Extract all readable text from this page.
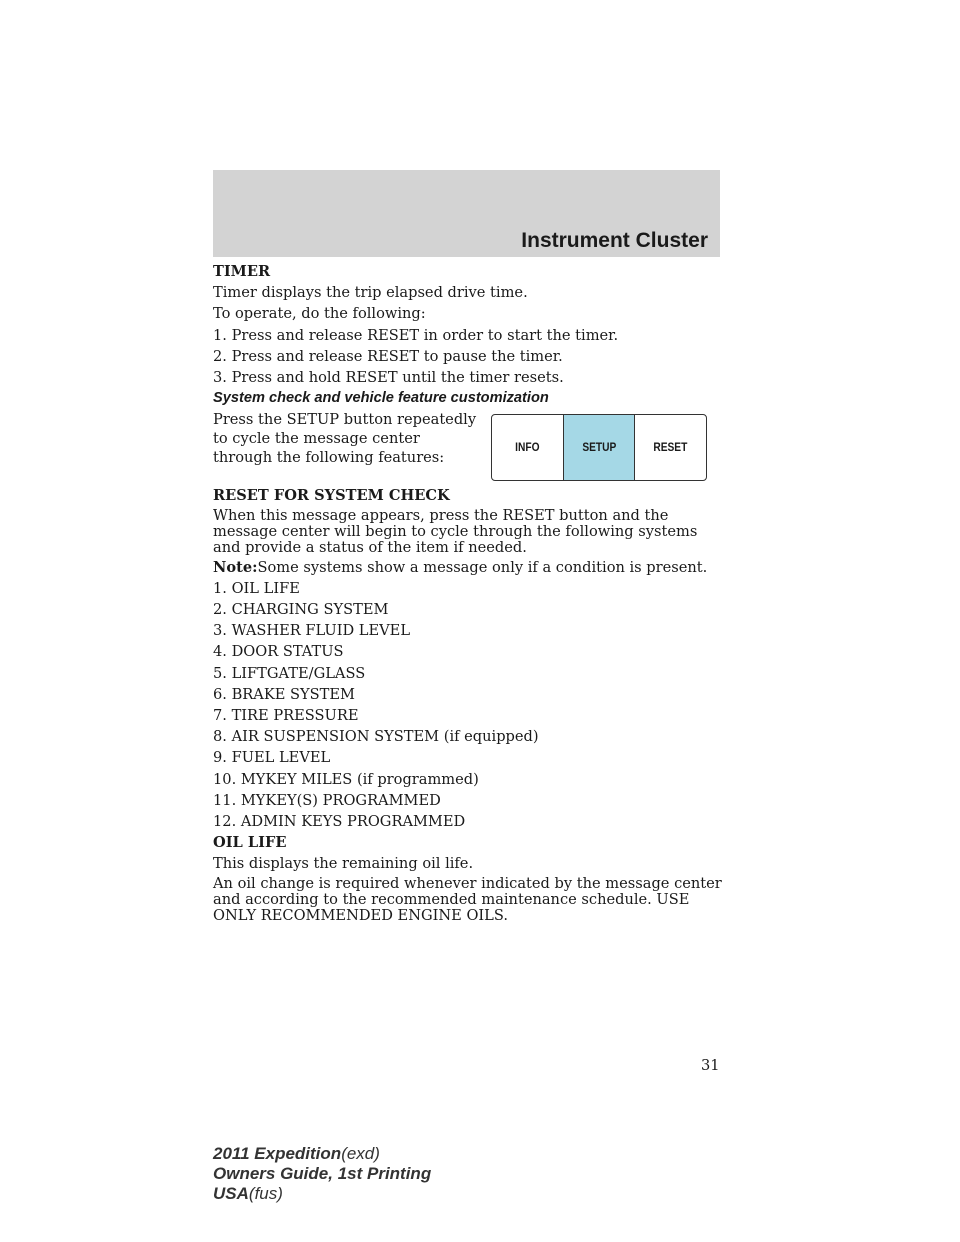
Instrument Cluster

TIMER

Timer displays the trip elapsed drive time.

To operate, do the following:

1. Press and release RESET in order to start the timer.

2. Press and release RESET to pause the timer.

3. Press and hold RESET until the timer resets.

System check and vehicle feature customization

Press the SETUP button repeatedly to cycle the message center through the following features:
INFO	SETUP	RESET

RESET FOR SYSTEM CHECK

When this message appears, press the RESET button and the message center will begin to cycle through the following systems and provide a status of the item if needed.

Note:Some systems show a message only if a condition is present.

1. OIL LIFE

2. CHARGING SYSTEM

3. WASHER FLUID LEVEL

4. DOOR STATUS

5. LIFTGATE/GLASS

6. BRAKE SYSTEM

7. TIRE PRESSURE

8. AIR SUSPENSION SYSTEM (if equipped)

9. FUEL LEVEL

10. MYKEY MILES (if programmed)

11. MYKEY(S) PROGRAMMED

12. ADMIN KEYS PROGRAMMED

OIL LIFE

This displays the remaining oil life.

An oil change is required whenever indicated by the message center and according to the recommended maintenance schedule. USE ONLY RECOMMENDED ENGINE OILS.

31
2011 Expedition(exd)
Owners Guide, 1st Printing
USA(fus)
